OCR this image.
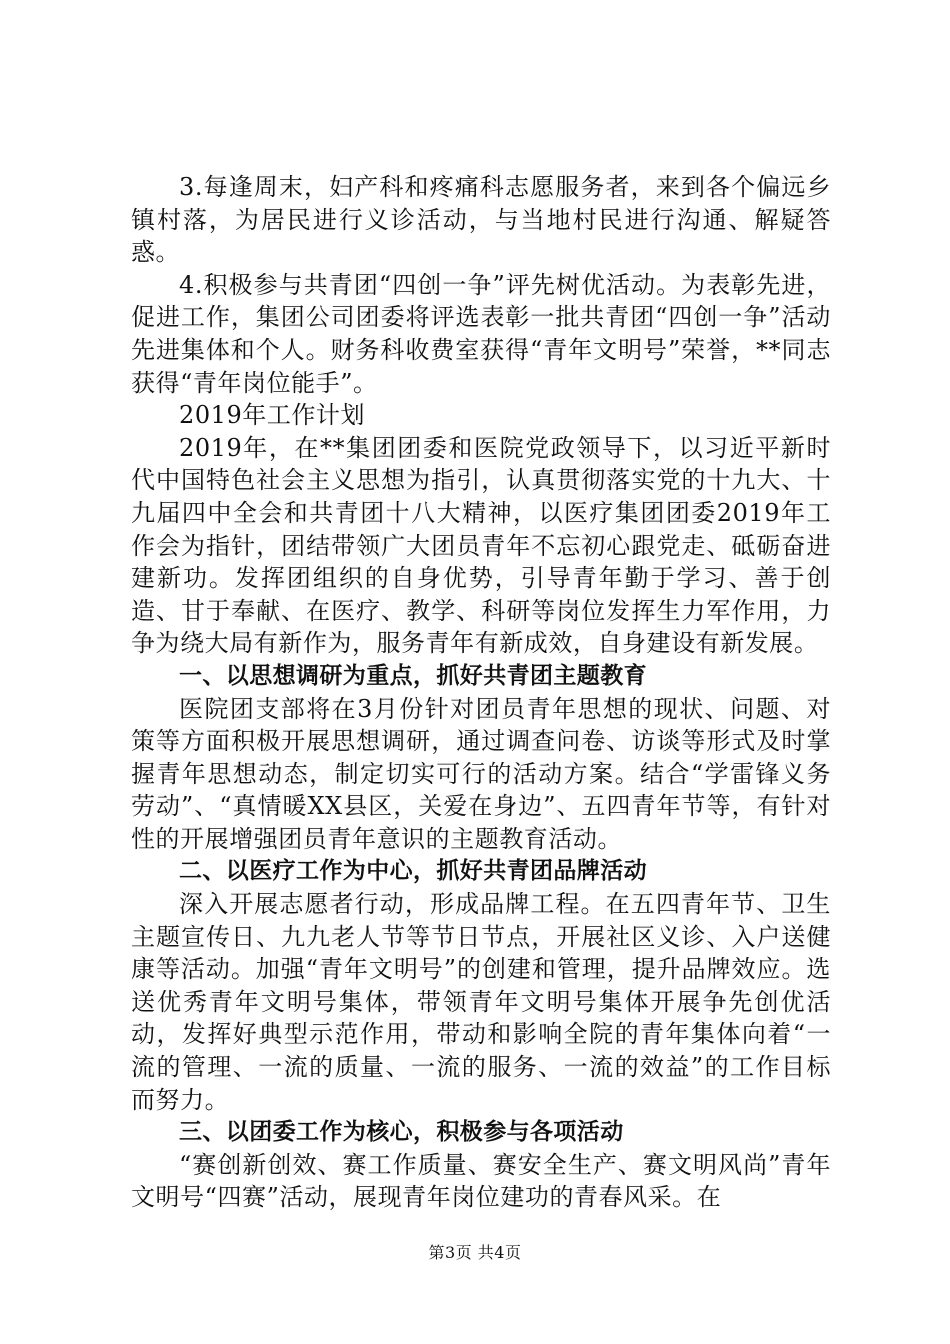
3.每逢周末，妇产科和疼痛科志愿服务者，来到各个偏远乡镇村落，为居民进行义诊活动，与当地村民进行沟通、解疑答惑。

4.积极参与共青团“四创一争”评先树优活动。为表彰先进，促进工作，集团公司团委将评选表彰一批共青团“四创一争”活动先进集体和个人。财务科收费室获得“青年文明号”荣誉，**同志获得“青年岗位能手”。

2019年工作计划

2019年，在**集团团委和医院党政领导下，以习近平新时代中国特色社会主义思想为指引，认真贯彻落实党的十九大、十九届四中全会和共青团十八大精神，以医疗集团团委2019年工作会为指针，团结带领广大团员青年不忘初心跟党走、砥砺奋进建新功。发挥团组织的自身优势，引导青年勤于学习、善于创造、甘于奉献、在医疗、教学、科研等岗位发挥生力军作用，力争为绕大局有新作为，服务青年有新成效，自身建设有新发展。

一、以思想调研为重点，抓好共青团主题教育

医院团支部将在3月份针对团员青年思想的现状、问题、对策等方面积极开展思想调研，通过调查问卷、访谈等形式及时掌握青年思想动态，制定切实可行的活动方案。结合“学雷锋义务劳动”、“真情暖XX县区，关爱在身边”、五四青年节等，有针对性的开展增强团员青年意识的主题教育活动。

二、以医疗工作为中心，抓好共青团品牌活动

深入开展志愿者行动，形成品牌工程。在五四青年节、卫生主题宣传日、九九老人节等节日节点，开展社区义诊、入户送健康等活动。加强“青年文明号”的创建和管理，提升品牌效应。选送优秀青年文明号集体，带领青年文明号集体开展争先创优活动，发挥好典型示范作用，带动和影响全院的青年集体向着“一流的管理、一流的质量、一流的服务、一流的效益”的工作目标而努力。

三、以团委工作为核心，积极参与各项活动

“赛创新创效、赛工作质量、赛安全生产、赛文明风尚”青年文明号“四赛”活动，展现青年岗位建功的青春风采。在

第3页 共4页
